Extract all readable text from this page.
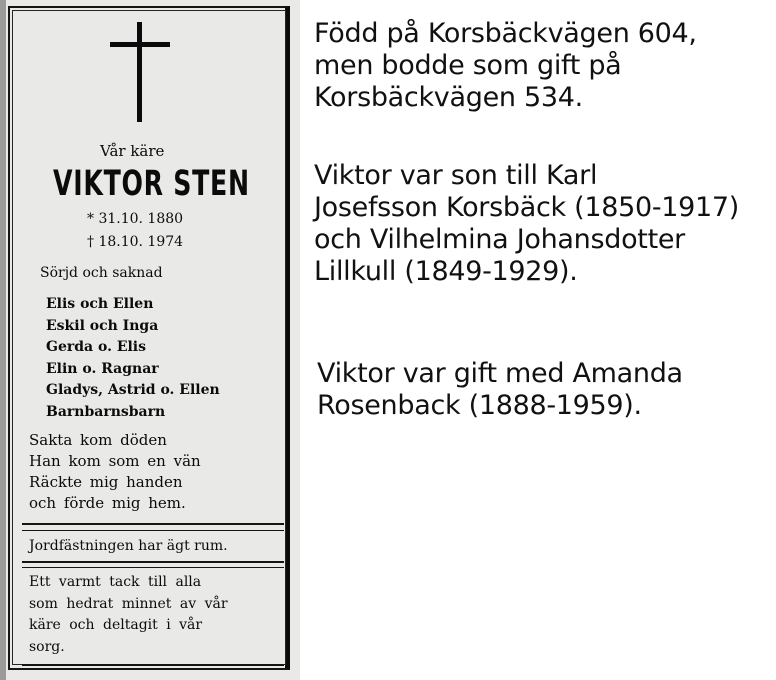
Vår käre
VIKTOR STEN
* 31.10. 1880
† 18.10. 1974
Sörjd och saknad
Elis och Ellen
Eskil och Inga
Gerda o. Elis
Elin o. Ragnar
Gladys, Astrid o. Ellen
Barnbarnsbarn
Sakta kom döden
Han kom som en vän
Räckte mig handen
och förde mig hem.
Jordfästningen har ägt rum.
Ett varmt tack till alla
som hedrat minnet av vår
käre och deltagit i vår
sorg.
Född på Korsbäckvägen 604,
men bodde som gift på
Korsbäckvägen 534.
Viktor var son till Karl
Josefsson Korsbäck (1850-1917)
och Vilhelmina Johansdotter
Lillkull (1849-1929).
Viktor var gift med Amanda
Rosenback (1888-1959).
